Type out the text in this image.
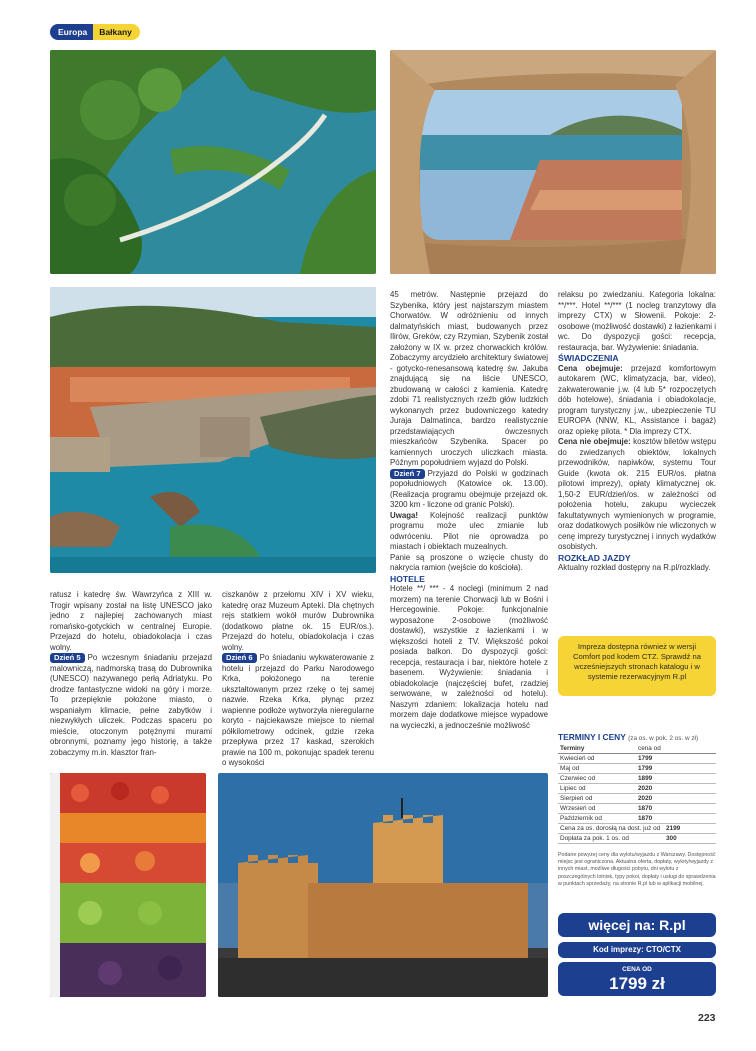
Europa	Bałkany

ratusz i katedrę św. Wawrzyńca z XIII w. Trogir wpisany został na listę UNESCO jako jedno z najlepiej zachowanych miast romańsko-gotyckich w centralnej Europie. Przejazd do hotelu, obiadokolacja i czas wolny.

Dzień 5 Po wczesnym śniadaniu przejazd malowniczą, nadmorską trasą do Dubrownika (UNESCO) nazywanego perłą Adriatyku. Po drodze fantastyczne widoki na góry i morze. To przepięknie położone miasto, o wspaniałym klimacie, pełne zabytków i niezwykłych uliczek. Podczas spaceru po mieście, otoczonym potężnymi murami obronnymi, poznamy jego historię, a także zobaczymy m.in. klasztor fran-

ciszkanów z przełomu XIV i XV wieku, katedrę oraz Muzeum Apteki. Dla chętnych rejs statkiem wokół murów Dubrownika (dodatkowo płatne ok. 15 EUR/os.). Przejazd do hotelu, obiadokolacja i czas wolny.

Dzień 6 Po śniadaniu wykwaterowanie z hotelu i przejazd do Parku Narodowego Krka, położonego na terenie ukształtowanym przez rzekę o tej samej nazwie. Rzeka Krka, płynąc przez wapienne podłoże wytworzyła nieregularne koryto - najciekawsze miejsce to niemal półkilometrowy odcinek, gdzie rzeka przepływa przez 17 kaskad, szerokich prawie na 100 m, pokonując spadek terenu o wysokości

45 metrów. Następnie przejazd do Szybenika, który jest najstarszym miastem Chorwatów. W odróżnieniu od innych dalmatyńskich miast, budowanych przez Ilirów, Greków, czy Rzymian, Szybenik został założony w IX w. przez chorwackich królów. Zobaczymy arcydzieło architektury światowej - gotycko-renesansową katedrę św. Jakuba znajdującą się na liście UNESCO, zbudowaną w całości z kamienia. Katedrę zdobi 71 realistycznych rzeźb głów ludzkich wykonanych przez budowniczego katedry Juraja Dalmatinca, bardzo realistycznie przedstawiających ówczesnych mieszkańców Szybenika. Spacer po kamiennych uroczych uliczkach miasta. Późnym popołudniem wyjazd do Polski.

Dzień 7 Przyjazd do Polski w godzinach popołudniowych (Katowice ok. 13.00). (Realizacja programu obejmuje przejazd ok. 3200 km - liczone od granic Polski).

Uwaga! Kolejność realizacji punktów programu może ulec zmianie lub odwróceniu. Pilot nie oprowadza po miastach i obiektach muzealnych.

Panie są proszone o wzięcie chusty do nakrycia ramion (wejście do kościoła).

HOTELE

Hotele **/ *** - 4 noclegi (minimum 2 nad morzem) na terenie Chorwacji lub w Bośni i Hercegowinie. Pokoje: funkcjonalnie wyposażone 2-osobowe (możliwość dostawki), wszystkie z łazienkami i w większości hoteli z TV. Większość pokoi posiada balkon. Do dyspozycji gości: recepcja, restauracja i bar, niektóre hotele z basenem. Wyżywienie: śniadania i obiadokolacje (najczęściej bufet, rzadziej serwowane, w zależności od hotelu). Naszym zdaniem: lokalizacja hotelu nad morzem daje dodatkowe miejsce wypadowe na wycieczki, a jednocześnie możliwość

relaksu po zwiedzaniu. Kategoria lokalna: **/***. Hotel **/*** (1 nocleg tranzytowy dla imprezy CTX) w Słowenii. Pokoje: 2-osobowe (możliwość dostawki) z łazienkami i wc. Do dyspozycji gości: recepcja, restauracja, bar. Wyżywienie: śniadania.

ŚWIADCZENIA

Cena obejmuje: przejazd komfortowym autokarem (WC, klimatyzacja, bar, video), zakwaterowanie j.w. (4 lub 5* rozpoczętych dób hotelowe), śniadania i obiadokolacje, program turystyczny j.w., ubezpieczenie TU EUROPA (NNW, KL, Assistance i bagaż) oraz opiekę pilota. * Dla imprezy CTX.

Cena nie obejmuje: kosztów biletów wstępu do zwiedzanych obiektów, lokalnych przewodników, napiwków, systemu Tour Guide (kwota ok. 215 EUR/os. płatna pilotowi imprezy), opłaty klimatycznej ok. 1,50-2 EUR/dzień/os. w zależności od położenia hotelu, zakupu wycieczek fakultatywnych wymienionych w programie, oraz dodatkowych posiłków nie wliczonych w cenę imprezy turystycznej i innych wydatków osobistych.

ROZKŁAD JAZDY

Aktualny rozkład dostępny na R.pl/rozklady.

Impreza dostępna również w wersji Comfort pod kodem CTZ. Sprawdź na wcześniejszych stronach katalogu i w systemie rezerwacyjnym R.pl
TERMINY I CENY (za os. w pok. 2 os. w zł)
Terminy	cena od
Kwiecień od	1799
Maj od	1799
Czerwiec od	1899
Lipiec od	2020
Sierpień od	2020
Wrzesień od	1870
Październik od	1870
Cena za os. dorosłą na dost. już od 2199
Dopłata za pok. 1 os. od	300
Podane powyżej ceny dla wylotu/wyjazdu z Warszawy. Dostępność miejsc jest ograniczona. Aktualna oferta, dopłaty, wyloty/wyjazdy z innych miast, możliwe długości pobytu, dni wylotu z poszczególnych lotnisk, typy pokoi, dopłaty i usługi do sprawdzenia w punktach sprzedaży, na stronie R.pl lub w aplikacji mobilnej.
więcej na: R.pl
Kod imprezy: CTO/CTX
CENA OD
1799 zł
223
